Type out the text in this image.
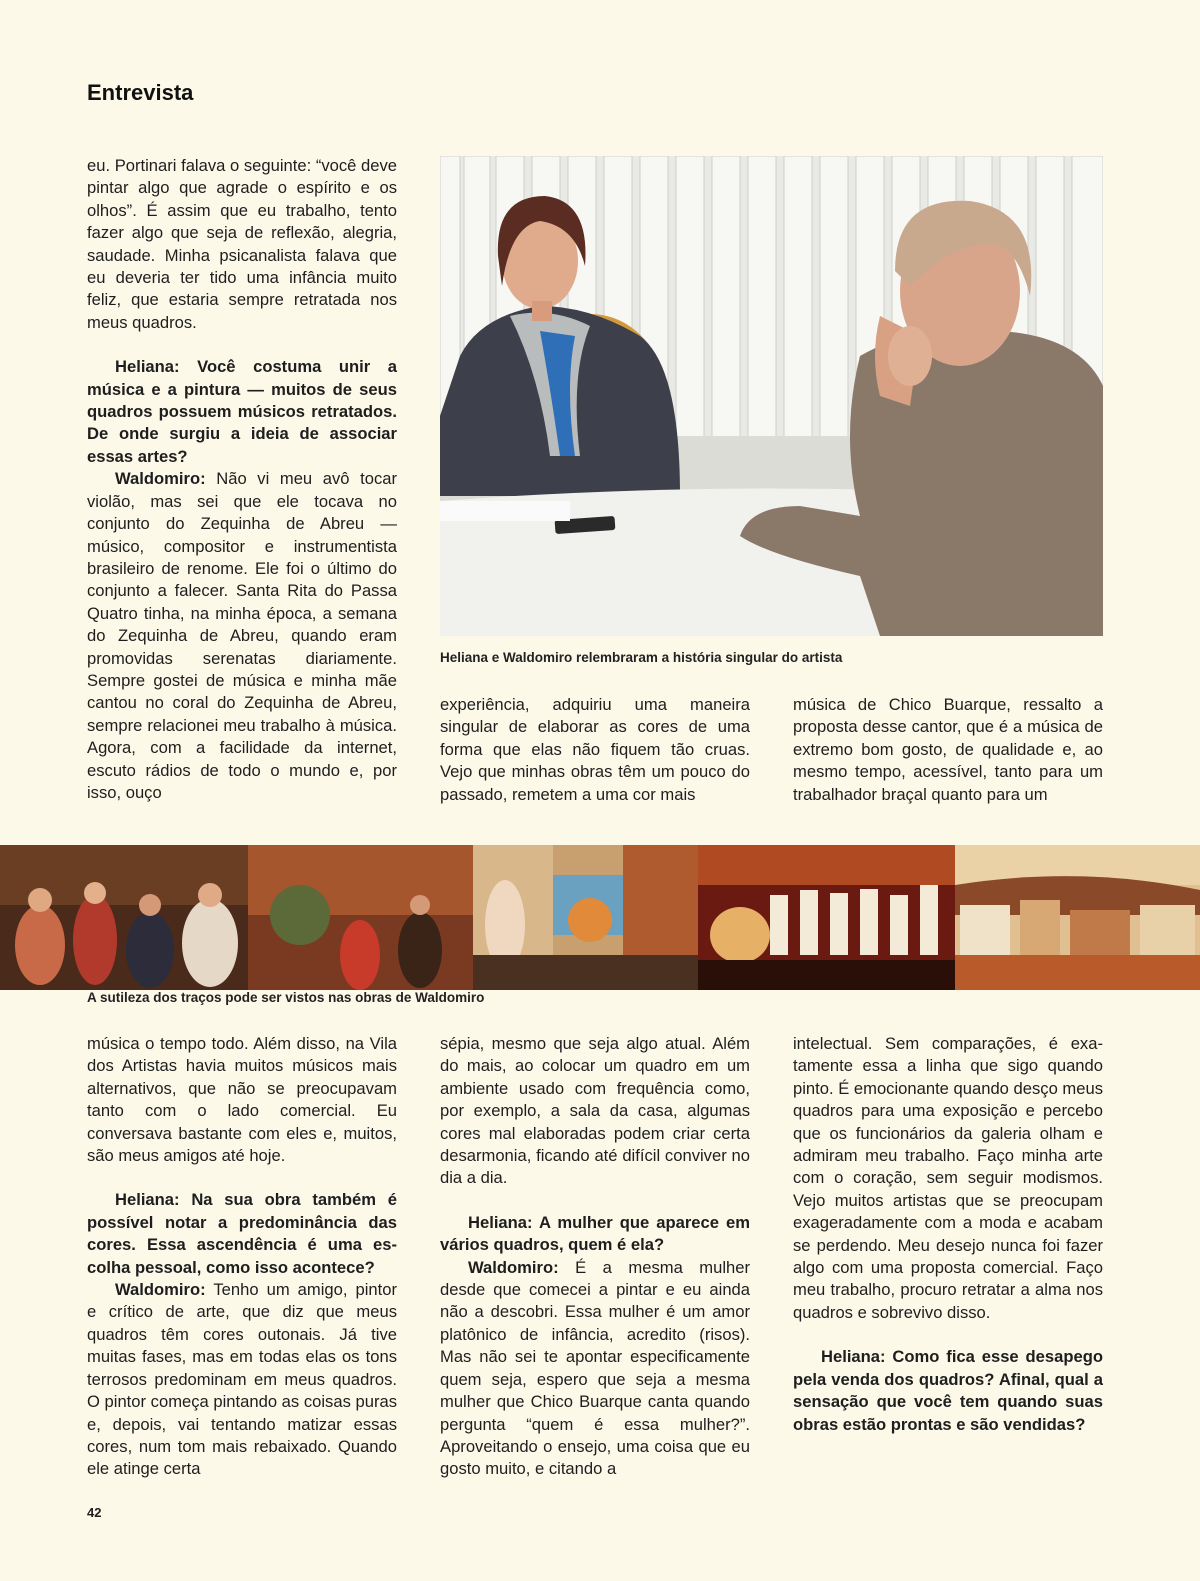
Entrevista

eu. Portinari falava o seguinte: “você deve pintar algo que agrade o espírito e os olhos”. É assim que eu trabalho, tento fazer algo que seja de reflexão, alegria, saudade. Minha psicanalista falava que eu deveria ter tido uma infância muito feliz, que estaria sempre retratada nos meus quadros.

Heliana: Você costuma unir a música e a pintura — muitos de seus quadros possuem músicos retratados. De onde surgiu a ideia de associar essas artes?

Waldomiro: Não vi meu avô tocar violão, mas sei que ele tocava no conjunto do Zequinha de Abreu — músico, compositor e instrumentista brasileiro de renome. Ele foi o último do conjunto a falecer. Santa Rita do Passa Quatro tinha, na minha época, a semana do Zequinha de Abreu, quando eram promovidas serenatas diariamente. Sempre gostei de música e minha mãe cantou no coral do Zequinha de Abreu, sempre relacionei meu trabalho à música. Agora, com a facilidade da internet, escuto rádios de todo o mundo e, por isso, ouço

Heliana e Waldomiro relembraram a história singular do artista

experiência, adquiriu uma maneira singular de elaborar as cores de uma forma que elas não fiquem tão cruas. Vejo que minhas obras têm um pouco do passado, remetem a uma cor mais

música de Chico Buarque, ressalto a proposta desse cantor, que é a música de extremo bom gosto, de qualidade e, ao mesmo tempo, acessível, tanto para um trabalhador braçal quanto para um

A sutileza dos traços pode ser vistos nas obras de Waldomiro

música o tempo todo. Além disso, na Vila dos Artistas havia muitos músicos mais alternativos, que não se preocupavam tanto com o lado comercial. Eu conversava bastante com eles e, muitos, são meus amigos até hoje.

Heliana: Na sua obra também é possível notar a predominância das cores. Essa ascendência é uma escolha pessoal, como isso acontece?

Waldomiro: Tenho um amigo, pintor e crítico de arte, que diz que meus quadros têm cores outonais. Já tive muitas fases, mas em todas elas os tons terrosos predominam em meus quadros. O pintor começa pintando as coisas puras e, depois, vai tentando matizar essas cores, num tom mais rebaixado. Quando ele atinge certa

sépia, mesmo que seja algo atual. Além do mais, ao colocar um quadro em um ambiente usado com frequência como, por exemplo, a sala da casa, algumas cores mal elaboradas podem criar certa desarmonia, ficando até difícil conviver no dia a dia.

Heliana: A mulher que aparece em vários quadros, quem é ela?

Waldomiro: É a mesma mulher desde que comecei a pintar e eu ainda não a descobri. Essa mulher é um amor platônico de infância, acredito (risos). Mas não sei te apontar especificamente quem seja, espero que seja a mesma mulher que Chico Buarque canta quando pergunta “quem é essa mulher?”. Aproveitando o ensejo, uma coisa que eu gosto muito, e citando a

intelectual. Sem comparações, é exatamente essa a linha que sigo quando pinto. É emocionante quando desço meus quadros para uma exposição e percebo que os funcionários da galeria olham e admiram meu trabalho. Faço minha arte com o coração, sem seguir modismos. Vejo muitos artistas que se preocupam exageradamente com a moda e acabam se perdendo. Meu desejo nunca foi fazer algo com uma proposta comercial. Faço meu trabalho, procuro retratar a alma nos quadros e sobrevivo disso.

Heliana: Como fica esse desapego pela venda dos quadros? Afinal, qual a sensação que você tem quando suas obras estão prontas e são vendidas?

42
